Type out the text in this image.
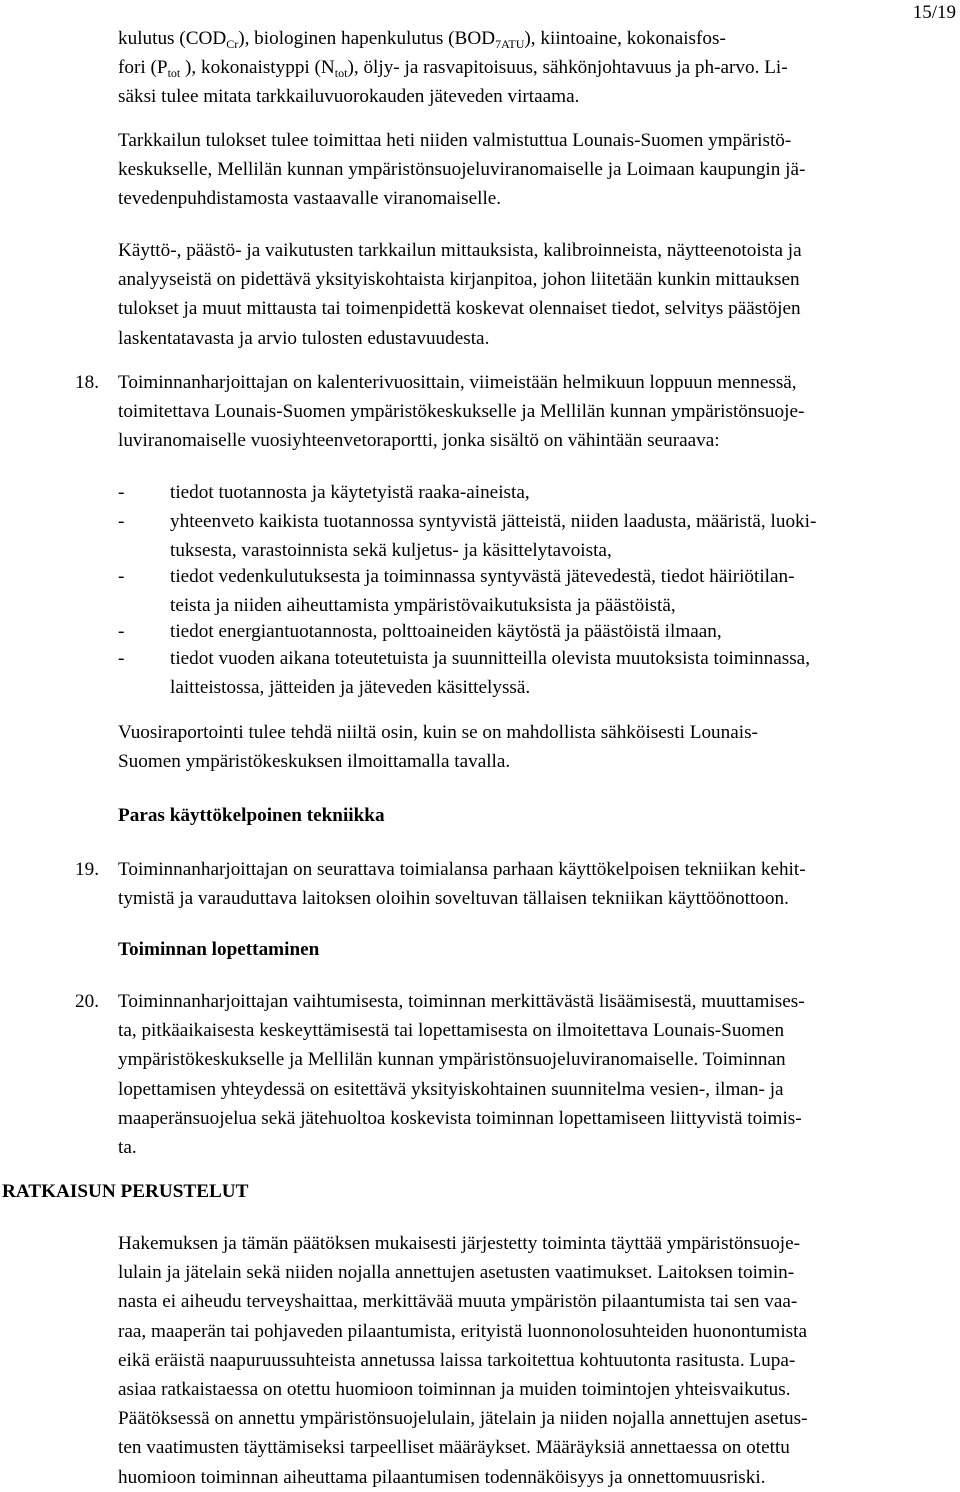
15/19
kulutus $(COD_{Cr})$, biologinen hapenkulutus $(BOD_{7ATU})$, kiintoaine, kokonaisfos-
fori ($P_{tot}$ ), kokonaistyppi $(N_{tot})$, öljy- ja rasvapitoisuus, sähkönjohtavuus ja ph-arvo. Li-
säksi tulee mitata tarkkailuvuorokauden jäteveden virtaama.
Tarkkailun tulokset tulee toimittaa heti niiden valmistuttua Lounais-Suomen ympäristö-
keskukselle, Mellilän kunnan ympäristönsuojeluviranomaiselle ja Loimaan kaupungin jä-
tevedenpuhdistamosta vastaavalle viranomaiselle.
Käyttö-, päästö- ja vaikutusten tarkkailun mittauksista, kalibroinneista, näytteenotoista ja
analyyseistä on pidettävä yksityiskohtaista kirjanpitoa, johon liitetään kunkin mittauksen
tulokset ja muut mittausta tai toimenpidettä koskevat olennaiset tiedot, selvitys päästöjen
laskentatavasta ja arvio tulosten edustavuudesta.
18. Toiminnanharjoittajan on kalenterivuosittain, viimeistään helmikuun loppuun mennessä,
toimitettava Lounais-Suomen ympäristökeskukselle ja Mellilän kunnan ympäristönsuoje-
luviranomaiselle vuosiyhteenvetoraportti, jonka sisältö on vähintään seuraava:
- tiedot tuotannosta ja käytetyistä raaka-aineista,
- yhteenveto kaikista tuotannossa syntyvistä jätteistä, niiden laadusta, määristä, luoki-
tuksesta, varastoinnista sekä kuljetus- ja käsittelytavoista,
- tiedot vedenkulutuksesta ja toiminnassa syntyvästä jätevedestä, tiedot häiriötilan-
teista ja niiden aiheuttamista ympäristövaikutuksista ja päästöistä,
- tiedot energiantuotannosta, polttoaineiden käytöstä ja päästöistä ilmaan,
- tiedot vuoden aikana toteutetuista ja suunnitteilla olevista muutoksista toiminnassa,
laitteistossa, jätteiden ja jäteveden käsittelyssä.
Vuosiraportointi tulee tehdä niiltä osin, kuin se on mahdollista sähköisesti Lounais-
Suomen ympäristökeskuksen ilmoittamalla tavalla.
Paras käyttökelpoinen tekniikka
19. Toiminnanharjoittajan on seurattava toimialansa parhaan käyttökelpoisen tekniikan kehit-
tymistä ja varauduttava laitoksen oloihin soveltuvan tällaisen tekniikan käyttöönottoon.
Toiminnan lopettaminen
20. Toiminnanharjoittajan vaihtumisesta, toiminnan merkittävästä lisäämisestä, muuttamises-
ta, pitkäaikaisesta keskeyttämisestä tai lopettamisesta on ilmoitettava Lounais-Suomen
ympäristökeskukselle ja Mellilän kunnan ympäristönsuojeluviranomaiselle. Toiminnan
lopettamisen yhteydessä on esitettävä yksityiskohtainen suunnitelma vesien-, ilman- ja
maaperänsuojelua sekä jätehuoltoa koskevista toiminnan lopettamiseen liittyvistä toimis-
ta.
RATKAISUN PERUSTELUT
Hakemuksen ja tämän päätöksen mukaisesti järjestetty toiminta täyttää ympäristönsuoje-
lulain ja jätelain sekä niiden nojalla annettujen asetusten vaatimukset. Laitoksen toimin-
nasta ei aiheudu terveyshaittaa, merkittävää muuta ympäristön pilaantumista tai sen vaa-
raa, maaperän tai pohjaveden pilaantumista, erityistä luonnonolosuhteiden huonontumista
eikä eräistä naapuruussuhteista annetussa laissa tarkoitettua kohtuutonta rasitusta. Lupa-
asiaa ratkaistaessa on otettu huomioon toiminnan ja muiden toimintojen yhteisvaikutus.
Päätöksessä on annettu ympäristönsuojelulain, jätelain ja niiden nojalla annettujen asetus-
ten vaatimusten täyttämiseksi tarpeelliset määräykset. Määräyksiä annettaessa on otettu
huomioon toiminnan aiheuttama pilaantumisen todennäköisyys ja onnettomuusriski.
